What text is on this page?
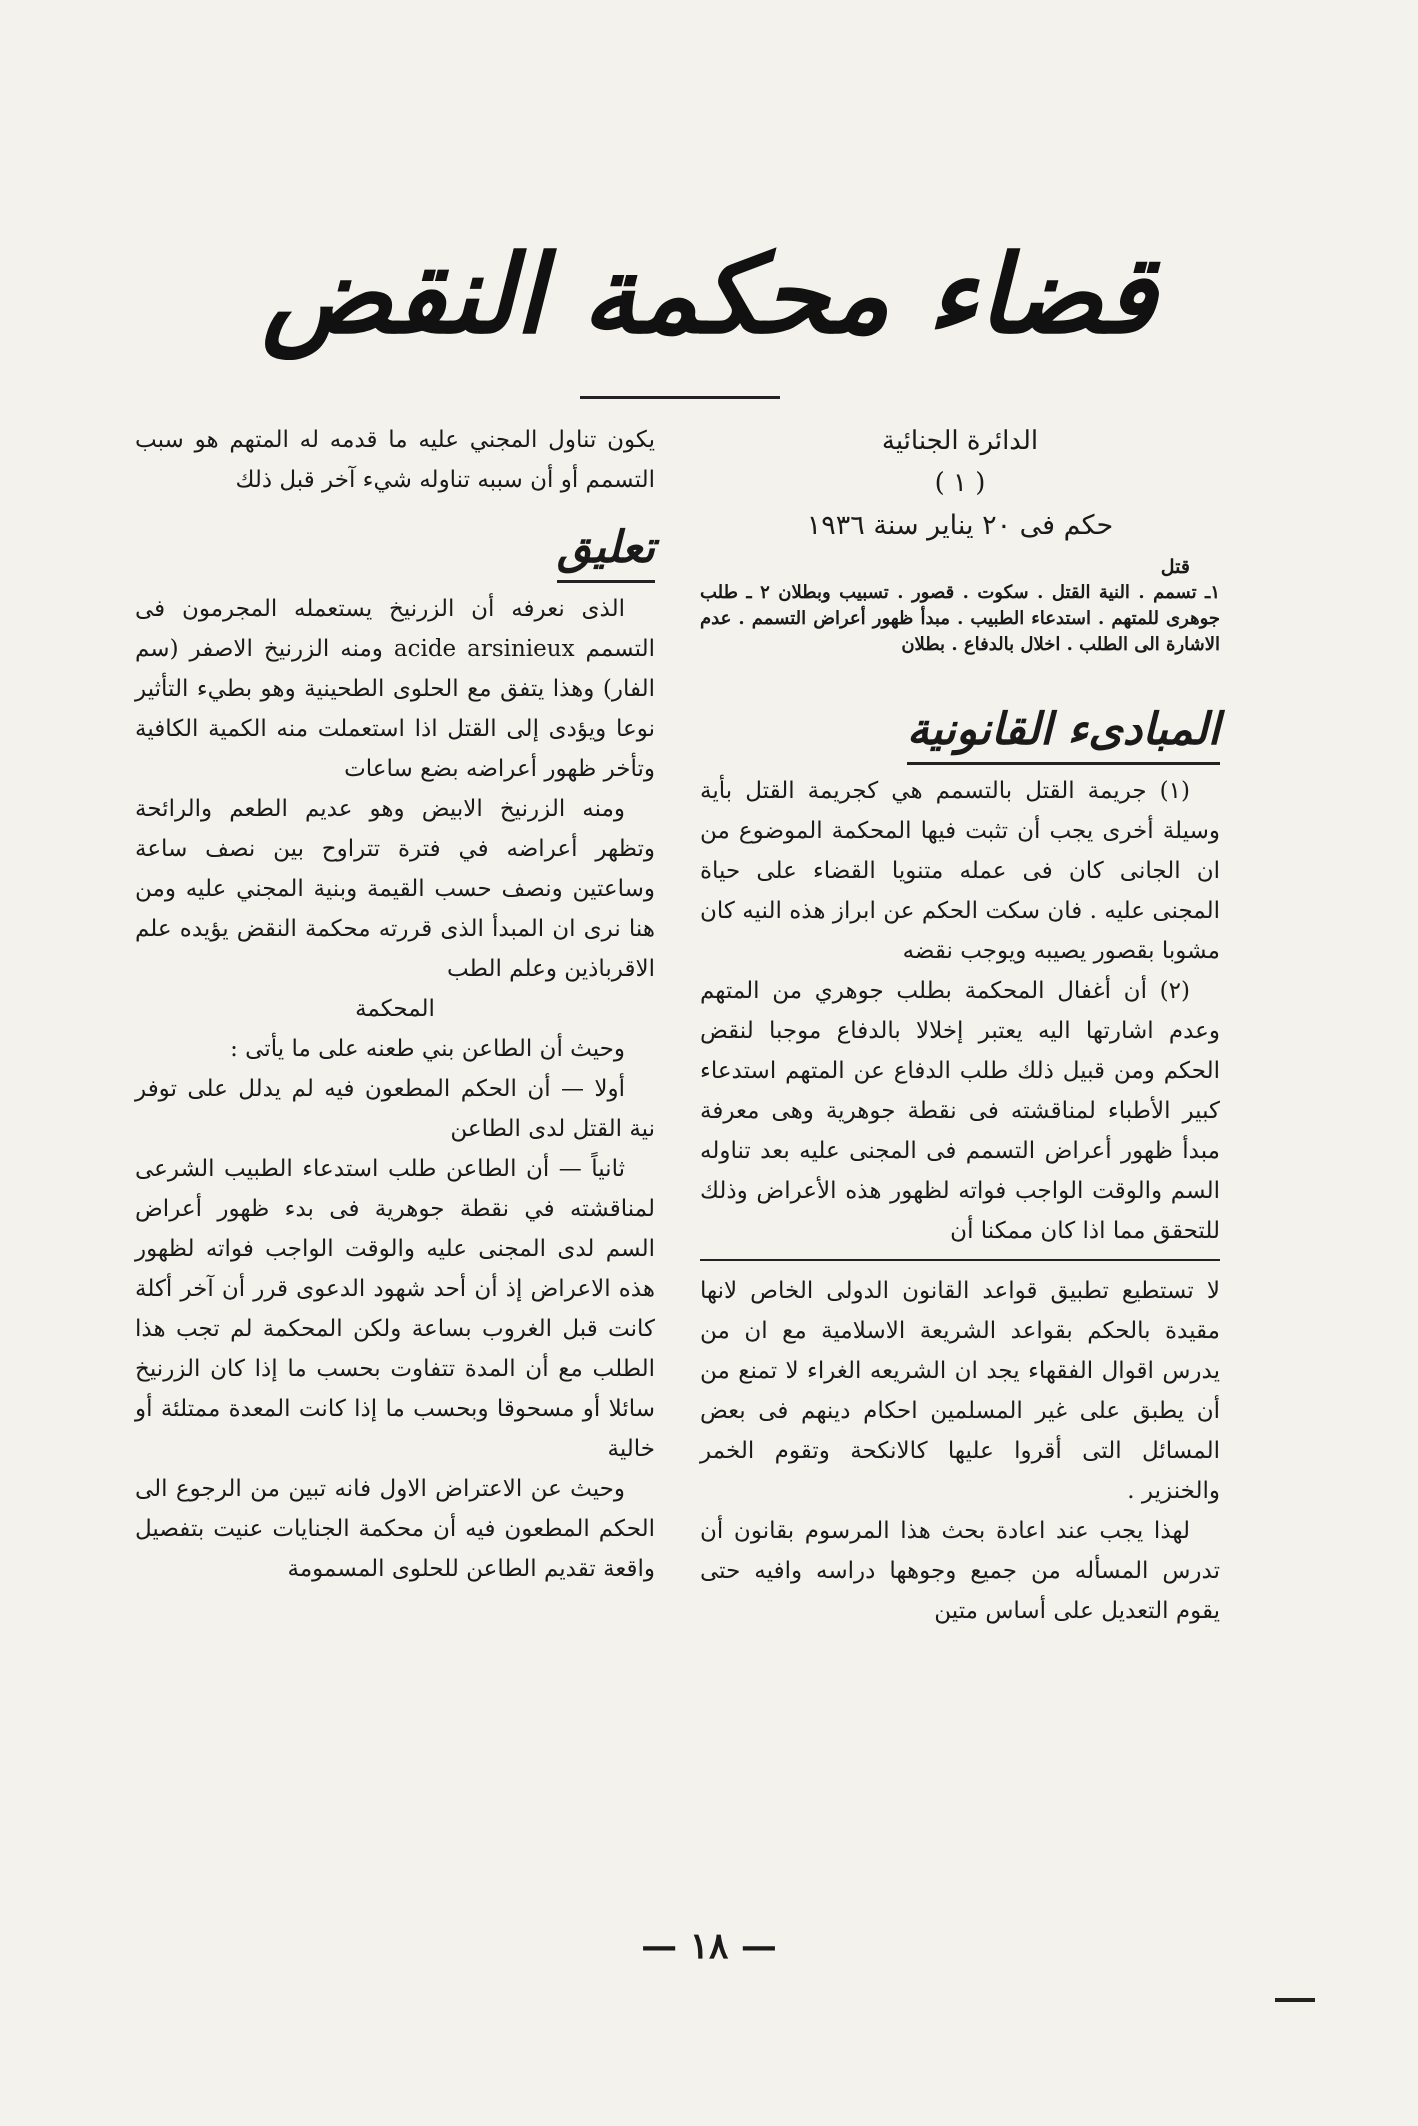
قضاء محكمة النقض
الدائرة الجنائية
( ١ )
حكم فى ٢٠ يناير سنة ١٩٣٦
قتل
١ـ تسمم . النية القتل . سكوت . قصور . تسبيب وبطلان ٢ ـ طلب جوهرى للمتهم . استدعاء الطبيب . مبدأ ظهور أعراض التسمم . عدم الاشارة الى الطلب . اخلال بالدفاع . بطلان
المبادىء القانونية

(١) جريمة القتل بالتسمم هي كجريمة القتل بأية وسيلة أخرى يجب أن تثبت فيها المحكمة الموضوع من ان الجانى كان فى عمله متنويا القضاء على حياة المجنى عليه . فان سكت الحكم عن ابراز هذه النيه كان مشوبا بقصور يصيبه ويوجب نقضه

(٢) أن أغفال المحكمة بطلب جوهري من المتهم وعدم اشارتها اليه يعتبر إخلالا بالدفاع موجبا لنقض الحكم ومن قبيل ذلك طلب الدفاع عن المتهم استدعاء كبير الأطباء لمناقشته فى نقطة جوهرية وهى معرفة مبدأ ظهور أعراض التسمم فى المجنى عليه بعد تناوله السم والوقت الواجب فواته لظهور هذه الأعراض وذلك للتحقق مما اذا كان ممكنا أن

لا تستطيع تطبيق قواعد القانون الدولى الخاص لانها مقيدة بالحكم بقواعد الشريعة الاسلامية مع ان من يدرس اقوال الفقهاء يجد ان الشريعه الغراء لا تمنع من أن يطبق على غير المسلمين احكام دينهم فى بعض المسائل التى أقروا عليها كالانكحة وتقوم الخمر والخنزير .

لهذا يجب عند اعادة بحث هذا المرسوم بقانون أن تدرس المسأله من جميع وجوهها دراسه وافيه حتى يقوم التعديل على أساس متين

يكون تناول المجني عليه ما قدمه له المتهم هو سبب التسمم أو أن سببه تناوله شيء آخر قبل ذلك

تعليق

الذى نعرفه أن الزرنيخ يستعمله المجرمون فى التسمم acide arsinieux ومنه الزرنيخ الاصفر (سم الفار) وهذا يتفق مع الحلوى الطحينية وهو بطيء التأثير نوعا ويؤدى إلى القتل اذا استعملت منه الكمية الكافية وتأخر ظهور أعراضه بضع ساعات

ومنه الزرنيخ الابيض وهو عديم الطعم والرائحة وتظهر أعراضه في فترة تتراوح بين نصف ساعة وساعتين ونصف حسب القيمة وبنية المجني عليه ومن هنا نرى ان المبدأ الذى قررته محكمة النقض يؤيده علم الاقرباذين وعلم الطب

المحكمة

وحيث أن الطاعن بني طعنه على ما يأتى :

أولا — أن الحكم المطعون فيه لم يدلل على توفر نية القتل لدى الطاعن

ثانياً — أن الطاعن طلب استدعاء الطبيب الشرعى لمناقشته في نقطة جوهرية فى بدء ظهور أعراض السم لدى المجنى عليه والوقت الواجب فواته لظهور هذه الاعراض إذ أن أحد شهود الدعوى قرر أن آخر أكلة كانت قبل الغروب بساعة ولكن المحكمة لم تجب هذا الطلب مع أن المدة تتفاوت بحسب ما إذا كان الزرنيخ سائلا أو مسحوقا وبحسب ما إذا كانت المعدة ممتلئة أو خالية

وحيث عن الاعتراض الاول فانه تبين من الرجوع الى الحكم المطعون فيه أن محكمة الجنايات عنيت بتفصيل واقعة تقديم الطاعن للحلوى المسمومة

— ١٨ —
